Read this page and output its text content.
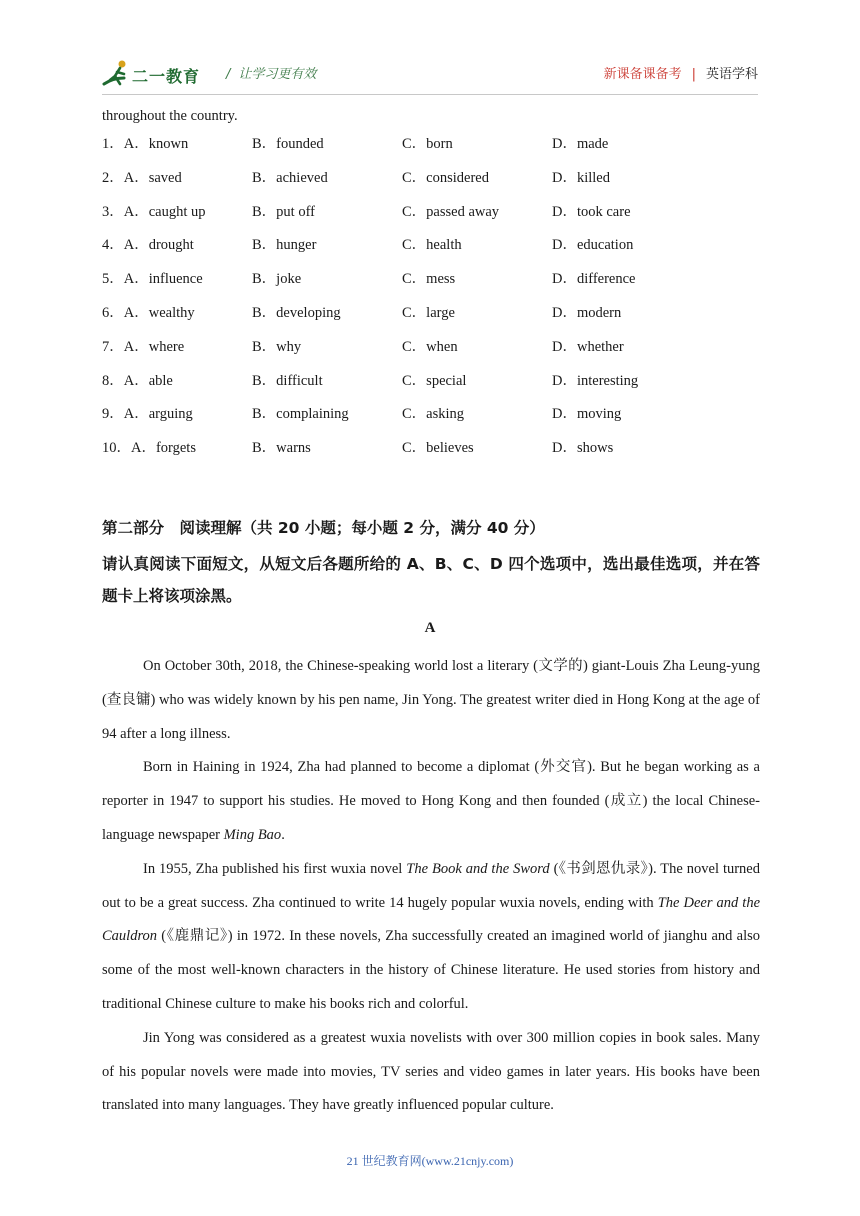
二一教育 / 让学习更有效	新课备课备考 | 英语学科
throughout the country.
1．A．known	B．founded	C．born	D．made
2．A．saved	B．achieved	C．considered	D．killed
3．A．caught up	B．put off	C．passed away	D．took care
4．A．drought	B．hunger	C．health	D．education
5．A．influence	B．joke	C．mess	D．difference
6．A．wealthy	B．developing	C．large	D．modern
7．A．where	B．why	C．when	D．whether
8．A．able	B．difficult	C．special	D．interesting
9．A．arguing	B．complaining	C．asking	D．moving
10．A．forgets	B．warns	C．believes	D．shows
第二部分　阅读理解（共 20 小题；每小题 2 分，满分 40 分）
请认真阅读下面短文，从短文后各题所给的 A、B、C、D 四个选项中，选出最佳选项，并在答题卡上将该项涂黑。
A

On October 30th, 2018, the Chinese-speaking world lost a literary (文学的) giant-Louis Zha Leung-yung (查良镛) who was widely known by his pen name, Jin Yong. The greatest writer died in Hong Kong at the age of 94 after a long illness.

Born in Haining in 1924, Zha had planned to become a diplomat (外交官). But he began working as a reporter in 1947 to support his studies. He moved to Hong Kong and then founded (成立) the local Chinese-language newspaper Ming Bao.

In 1955, Zha published his first wuxia novel The Book and the Sword (《书剑恩仇录》). The novel turned out to be a great success. Zha continued to write 14 hugely popular wuxia novels, ending with The Deer and the Cauldron (《鹿鼎记》) in 1972. In these novels, Zha successfully created an imagined world of jianghu and also some of the most well-known characters in the history of Chinese literature. He used stories from history and traditional Chinese culture to make his books rich and colorful.

Jin Yong was considered as a greatest wuxia novelists with over 300 million copies in book sales. Many of his popular novels were made into movies, TV series and video games in later years. His books have been translated into many languages. They have greatly influenced popular culture.

21 世纪教育网(www.21cnjy.com)
